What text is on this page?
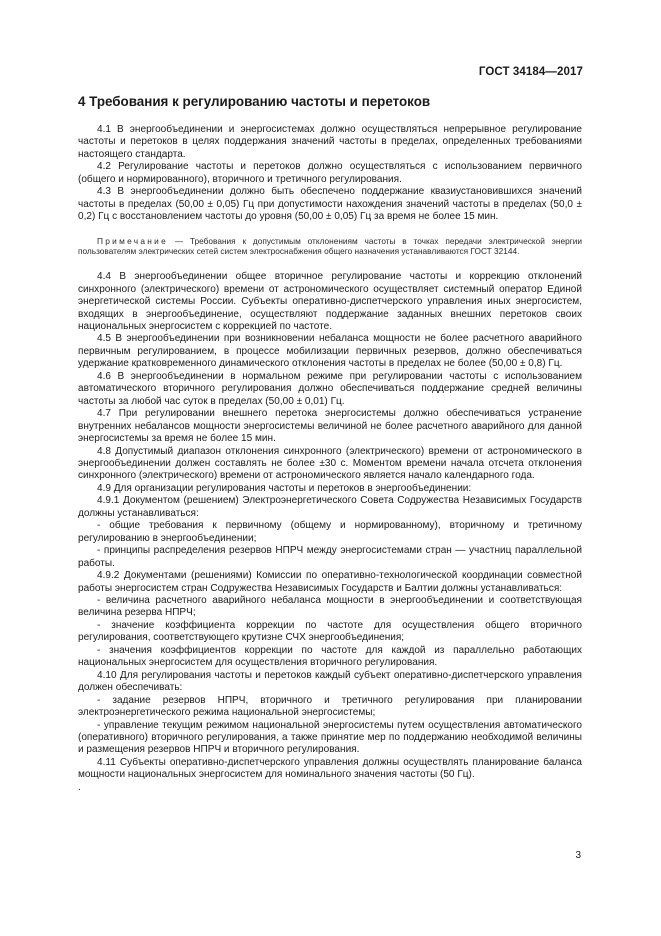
ГОСТ 34184—2017
4 Требования к регулированию частоты и перетоков

4.1 В энергообъединении и энергосистемах должно осуществляться непрерывное регулирование частоты и перетоков в целях поддержания значений частоты в пределах, определенных требованиями настоящего стандарта.

4.2 Регулирование частоты и перетоков должно осуществляться с использованием первичного (общего и нормированного), вторичного и третичного регулирования.

4.3 В энергообъединении должно быть обеспечено поддержание квазиустановившихся значений частоты в пределах (50,00 ± 0,05) Гц при допустимости нахождения значений частоты в пределах (50,0 ± 0,2) Гц с восстановлением частоты до уровня (50,00 ± 0,05) Гц за время не более 15 мин.

Примечание — Требования к допустимым отклонениям частоты в точках передачи электрической энергии пользователям электрических сетей систем электроснабжения общего назначения устанавливаются ГОСТ 32144.

4.4 В энергообъединении общее вторичное регулирование частоты и коррекцию отклонений синхронного (электрического) времени от астрономического осуществляет системный оператор Единой энергетической системы России. Субъекты оперативно-диспетчерского управления иных энергосистем, входящих в энергообъединение, осуществляют поддержание заданных внешних перетоков своих национальных энергосистем с коррекцией по частоте.

4.5 В энергообъединении при возникновении небаланса мощности не более расчетного аварийного первичным регулированием, в процессе мобилизации первичных резервов, должно обеспечиваться удержание кратковременного динамического отклонения частоты в пределах не более (50,00 ± 0,8) Гц.

4.6 В энергообъединении в нормальном режиме при регулировании частоты с использованием автоматического вторичного регулирования должно обеспечиваться поддержание средней величины частоты за любой час суток в пределах (50,00 ± 0,01) Гц.

4.7 При регулировании внешнего перетока энергосистемы должно обеспечиваться устранение внутренних небалансов мощности энергосистемы величиной не более расчетного аварийного для данной энергосистемы за время не более 15 мин.

4.8 Допустимый диапазон отклонения синхронного (электрического) времени от астрономического в энергообъединении должен составлять не более ±30 с. Моментом времени начала отсчета отклонения синхронного (электрического) времени от астрономического является начало календарного года.

4.9 Для организации регулирования частоты и перетоков в энергообъединении:

4.9.1 Документом (решением) Электроэнергетического Совета Содружества Независимых Государств должны устанавливаться:

- общие требования к первичному (общему и нормированному), вторичному и третичному регулированию в энергообъединении;

- принципы распределения резервов НПРЧ между энергосистемами стран — участниц параллельной работы.

4.9.2 Документами (решениями) Комиссии по оперативно-технологической координации совместной работы энергосистем стран Содружества Независимых Государств и Балтии должны устанавливаться:

- величина расчетного аварийного небаланса мощности в энергообъединении и соответствующая величина резерва НПРЧ;

- значение коэффициента коррекции по частоте для осуществления общего вторичного регулирования, соответствующего крутизне СЧХ энергообъединения;

- значения коэффициентов коррекции по частоте для каждой из параллельно работающих национальных энергосистем для осуществления вторичного регулирования.

4.10 Для регулирования частоты и перетоков каждый субъект оперативно-диспетчерского управления должен обеспечивать:

- задание резервов НПРЧ, вторичного и третичного регулирования при планировании электроэнергетического режима национальной энергосистемы;

- управление текущим режимом национальной энергосистемы путем осуществления автоматического (оперативного) вторичного регулирования, а также принятие мер по поддержанию необходимой величины и размещения резервов НПРЧ и вторичного регулирования.

4.11 Субъекты оперативно-диспетчерского управления должны осуществлять планирование баланса мощности национальных энергосистем для номинального значения частоты (50 Гц).

.

3
